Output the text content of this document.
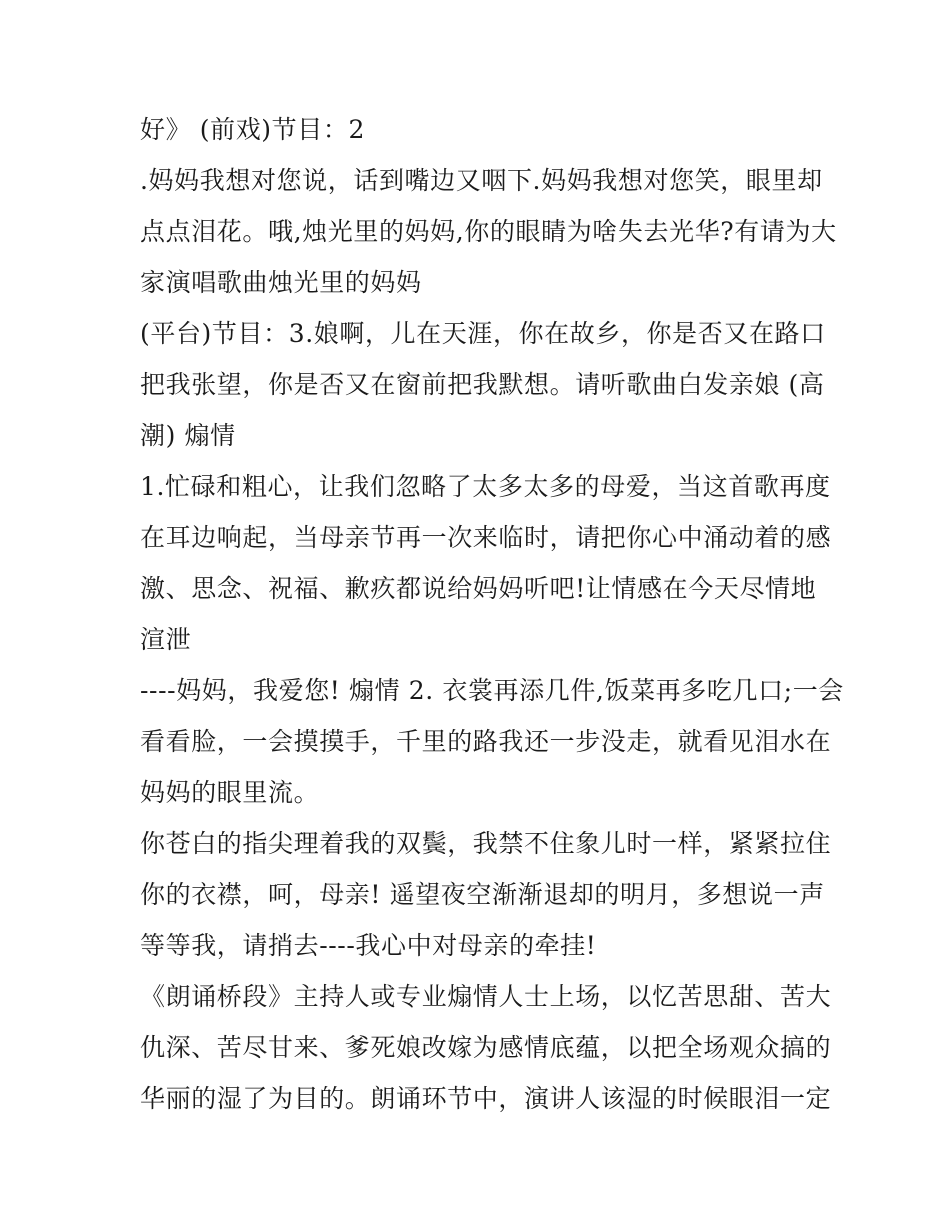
好》 (前戏)节目：2
.妈妈我想对您说，话到嘴边又咽下.妈妈我想对您笑，眼里却
点点泪花。哦,烛光里的妈妈,你的眼睛为啥失去光华?有请为大
家演唱歌曲烛光里的妈妈
(平台)节目：3.娘啊，儿在天涯，你在故乡，你是否又在路口
把我张望，你是否又在窗前把我默想。请听歌曲白发亲娘 (高
潮) 煽情
1.忙碌和粗心，让我们忽略了太多太多的母爱，当这首歌再度
在耳边响起，当母亲节再一次来临时，请把你心中涌动着的感
激、思念、祝福、歉疚都说给妈妈听吧!让情感在今天尽情地
渲泄
----妈妈，我爱您! 煽情 2. 衣裳再添几件,饭菜再多吃几口;一会
看看脸，一会摸摸手，千里的路我还一步没走，就看见泪水在
妈妈的眼里流。
你苍白的指尖理着我的双鬓，我禁不住象儿时一样，紧紧拉住
你的衣襟，呵，母亲! 遥望夜空渐渐退却的明月，多想说一声
等等我，请捎去----我心中对母亲的牵挂!
《朗诵桥段》主持人或专业煽情人士上场，以忆苦思甜、苦大
仇深、苦尽甘来、爹死娘改嫁为感情底蕴，以把全场观众搞的
华丽的湿了为目的。朗诵环节中，演讲人该湿的时候眼泪一定
